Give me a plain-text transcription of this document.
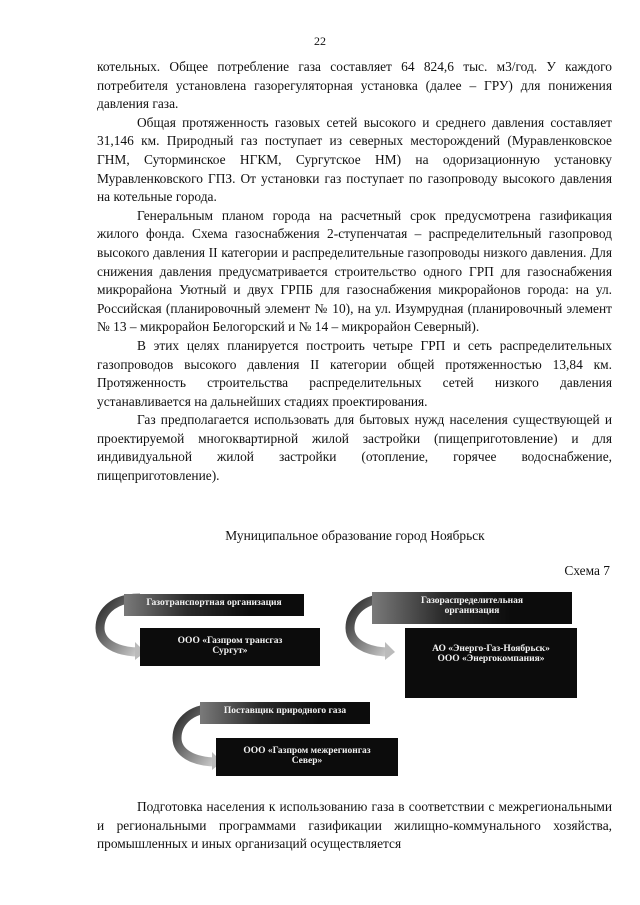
22

котельных. Общее потребление газа составляет 64 824,6 тыс. м3/год. У каждого потребителя установлена газорегуляторная установка (далее – ГРУ) для понижения давления газа.

Общая протяженность газовых сетей высокого и среднего давления составляет 31,146 км. Природный газ поступает из северных месторождений (Муравленковское ГНМ, Суторминское НГКМ, Сургутское НМ) на одоризационную установку Муравленковского ГПЗ. От установки газ поступает по газопроводу высокого давления на котельные города.

Генеральным планом города на расчетный срок предусмотрена газификация жилого фонда. Схема газоснабжения 2-ступенчатая – распределительный газопровод высокого давления II категории и распределительные газопроводы низкого давления. Для снижения давления предусматривается строительство одного ГРП для газоснабжения микрорайона Уютный и двух ГРПБ для газоснабжения микрорайонов города: на ул. Российская (планировочный элемент № 10), на ул. Изумрудная (планировочный элемент № 13 – микрорайон Белогорский и № 14 – микрорайон Северный).

В этих целях планируется построить четыре ГРП и сеть распределительных газопроводов высокого давления II категории общей протяженностью 13,84 км. Протяженность строительства распределительных сетей низкого давления устанавливается на дальнейших стадиях проектирования.

Газ предполагается использовать для бытовых нужд населения существующей и проектируемой многоквартирной жилой застройки (пищеприготовление) и для индивидуальной жилой застройки (отопление, горячее водоснабжение, пищеприготовление).

Муниципальное образование город Ноябрьск
Схема 7
Газотранспортная организация
ООО «Газпром трансгаз
Сургут»
Газораспределительная
организация
АО «Энерго-Газ-Ноябрьск»
ООО «Энергокомпания»
Поставщик природного газа
ООО «Газпром межрегионгаз
Север»

Подготовка населения к использованию газа в соответствии с межрегиональными и региональными программами газификации жилищно-коммунального хозяйства, промышленных и иных организаций осуществляется
